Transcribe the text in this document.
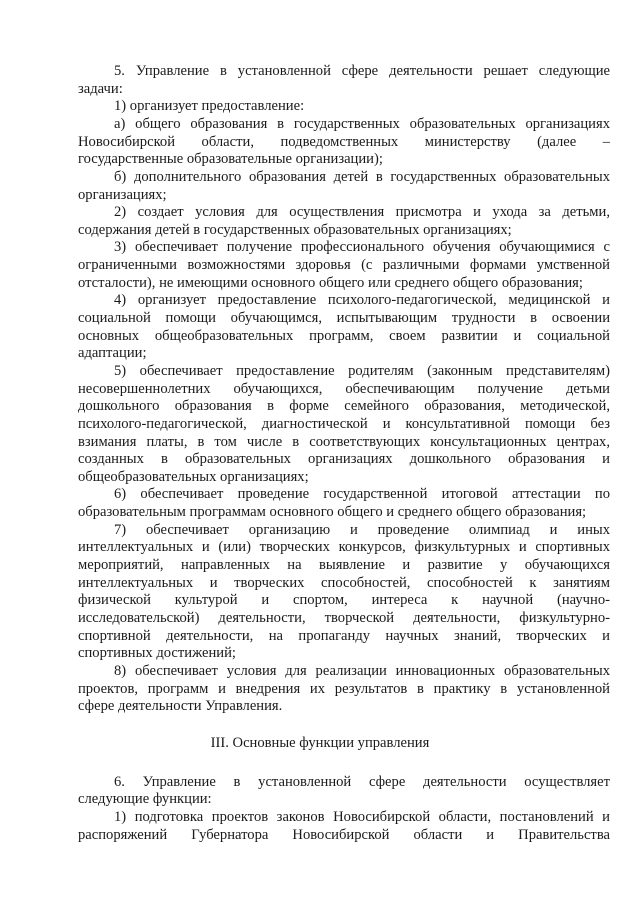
5. Управление в установленной сфере деятельности решает следующие
задачи:
1) организует предоставление:
а) общего образования в государственных образовательных организациях
Новосибирской области, подведомственных министерству (далее –
государственные образовательные организации);
б) дополнительного образования детей в государственных образовательных
организациях;
2) создает условия для осуществления присмотра и ухода за детьми,
содержания детей в государственных образовательных организациях;
3) обеспечивает получение профессионального обучения обучающимися с
ограниченными возможностями здоровья (с различными формами умственной
отсталости), не имеющими основного общего или среднего общего образования;
4) организует предоставление психолого-педагогической, медицинской и
социальной помощи обучающимся, испытывающим трудности в освоении
основных общеобразовательных программ, своем развитии и социальной
адаптации;
5) обеспечивает предоставление родителям (законным представителям)
несовершеннолетних обучающихся, обеспечивающим получение детьми
дошкольного образования в форме семейного образования, методической,
психолого-педагогической, диагностической и консультативной помощи без
взимания платы, в том числе в соответствующих консультационных центрах,
созданных в образовательных организациях дошкольного образования и
общеобразовательных организациях;
6) обеспечивает проведение государственной итоговой аттестации по
образовательным программам основного общего и среднего общего образования;
7) обеспечивает организацию и проведение олимпиад и иных
интеллектуальных и (или) творческих конкурсов, физкультурных и спортивных
мероприятий, направленных на выявление и развитие у обучающихся
интеллектуальных и творческих способностей, способностей к занятиям
физической культурой и спортом, интереса к научной (научно-
исследовательской) деятельности, творческой деятельности, физкультурно-
спортивной деятельности, на пропаганду научных знаний, творческих и
спортивных достижений;
8) обеспечивает условия для реализации инновационных образовательных
проектов, программ и внедрения их результатов в практику в установленной
сфере деятельности Управления.
III. Основные функции управления
6. Управление в установленной сфере деятельности осуществляет
следующие функции:
1) подготовка проектов законов Новосибирской области, постановлений и
распоряжений Губернатора Новосибирской области и Правительства
